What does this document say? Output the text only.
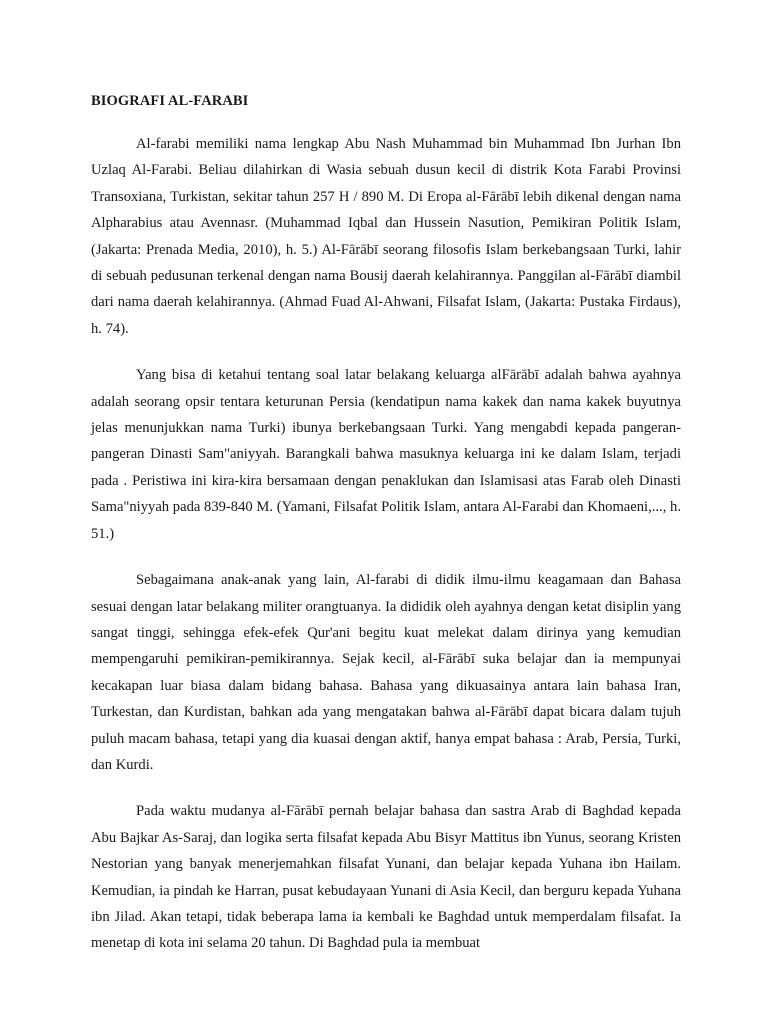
BIOGRAFI AL-FARABI

Al-farabi memiliki nama lengkap Abu Nash Muhammad bin Muhammad Ibn Jurhan Ibn Uzlaq Al-Farabi. Beliau dilahirkan di Wasia sebuah dusun kecil di distrik Kota Farabi Provinsi Transoxiana, Turkistan, sekitar tahun 257 H / 890 M. Di Eropa al-Fārābī lebih dikenal dengan nama Alpharabius atau Avennasr. (Muhammad Iqbal dan Hussein Nasution, Pemikiran Politik Islam, (Jakarta: Prenada Media, 2010), h. 5.) Al-Fārābī seorang filosofis Islam berkebangsaan Turki, lahir di sebuah pedusunan terkenal dengan nama Bousij daerah kelahirannya. Panggilan al-Fārābī diambil dari nama daerah kelahirannya. (Ahmad Fuad Al-Ahwani, Filsafat Islam, (Jakarta: Pustaka Firdaus), h. 74).

Yang bisa di ketahui tentang soal latar belakang keluarga alFārābī adalah bahwa ayahnya adalah seorang opsir tentara keturunan Persia (kendatipun nama kakek dan nama kakek buyutnya jelas menunjukkan nama Turki) ibunya berkebangsaan Turki. Yang mengabdi kepada pangeran-pangeran Dinasti Sam"aniyyah. Barangkali bahwa masuknya keluarga ini ke dalam Islam, terjadi pada . Peristiwa ini kira-kira bersamaan dengan penaklukan dan Islamisasi atas Farab oleh Dinasti Sama"niyyah pada 839-840 M. (Yamani, Filsafat Politik Islam, antara Al-Farabi dan Khomaeni,..., h. 51.)

Sebagaimana anak-anak yang lain, Al-farabi di didik ilmu-ilmu keagamaan dan Bahasa sesuai dengan latar belakang militer orangtuanya. Ia dididik oleh ayahnya dengan ketat disiplin yang sangat tinggi, sehingga efek-efek Qur'ani begitu kuat melekat dalam dirinya yang kemudian mempengaruhi pemikiran-pemikirannya. Sejak kecil, al-Fārābī suka belajar dan ia mempunyai kecakapan luar biasa dalam bidang bahasa. Bahasa yang dikuasainya antara lain bahasa Iran, Turkestan, dan Kurdistan, bahkan ada yang mengatakan bahwa al-Fārābī dapat bicara dalam tujuh puluh macam bahasa, tetapi yang dia kuasai dengan aktif, hanya empat bahasa : Arab, Persia, Turki, dan Kurdi.

Pada waktu mudanya al-Fārābī pernah belajar bahasa dan sastra Arab di Baghdad kepada Abu Bajkar As-Saraj, dan logika serta filsafat kepada Abu Bisyr Mattitus ibn Yunus, seorang Kristen Nestorian yang banyak menerjemahkan filsafat Yunani, dan belajar kepada Yuhana ibn Hailam. Kemudian, ia pindah ke Harran, pusat kebudayaan Yunani di Asia Kecil, dan berguru kepada Yuhana ibn Jilad. Akan tetapi, tidak beberapa lama ia kembali ke Baghdad untuk memperdalam filsafat. Ia menetap di kota ini selama 20 tahun. Di Baghdad pula ia membuat
